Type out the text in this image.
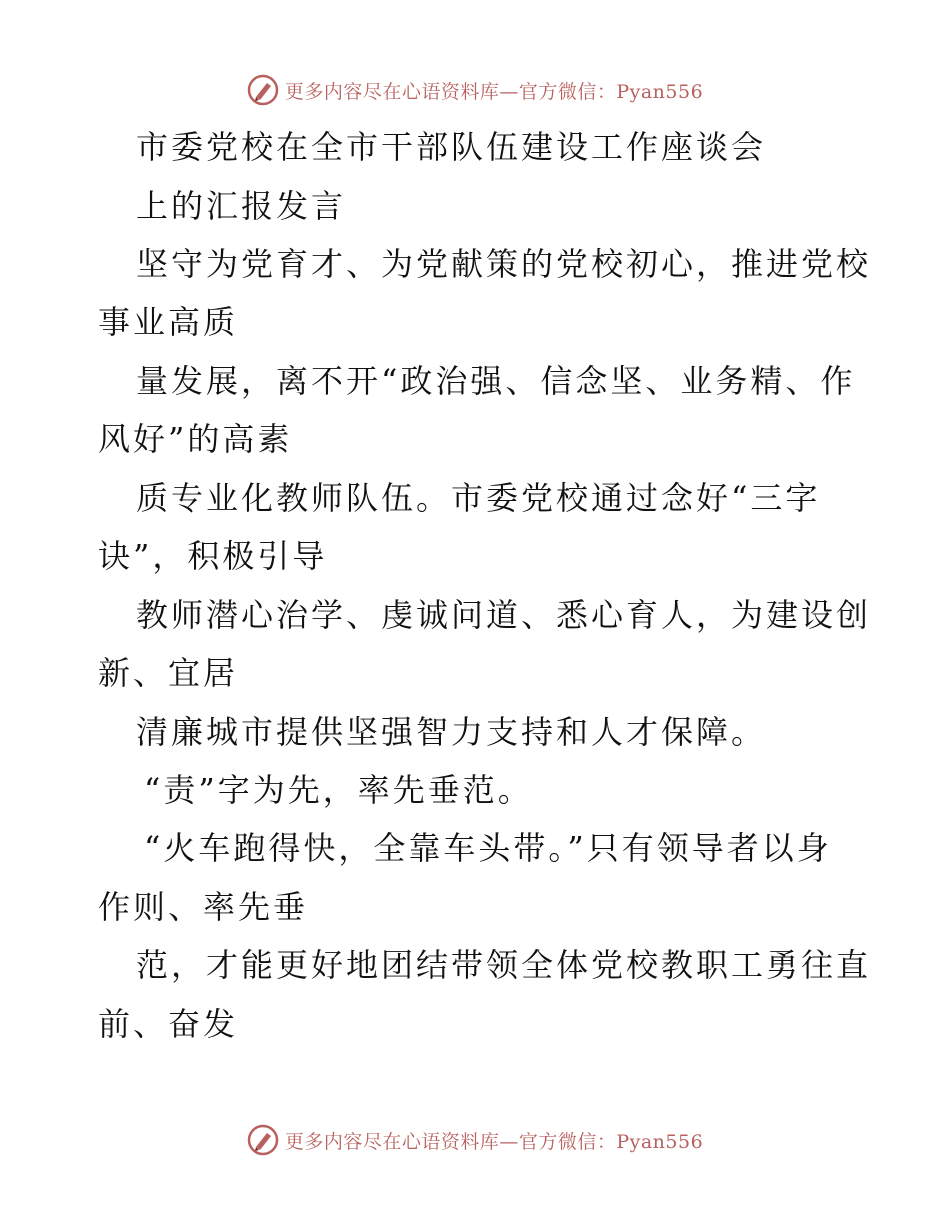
更多内容尽在心语资料库—官方微信：Pyan556
市委党校在全市干部队伍建设工作座谈会
上的汇报发言
坚守为党育才、为党献策的党校初心，推进党校
事业高质
量发展，离不开“政治强、信念坚、业务精、作
风好”的高素
质专业化教师队伍。市委党校通过念好“三字
诀”，积极引导
教师潜心治学、虔诚问道、悉心育人，为建设创
新、宜居
清廉城市提供坚强智力支持和人才保障。
“责”字为先，率先垂范。
“火车跑得快，全靠车头带。”只有领导者以身
作则、率先垂
范，才能更好地团结带领全体党校教职工勇往直
前、奋发
更多内容尽在心语资料库—官方微信：Pyan556
